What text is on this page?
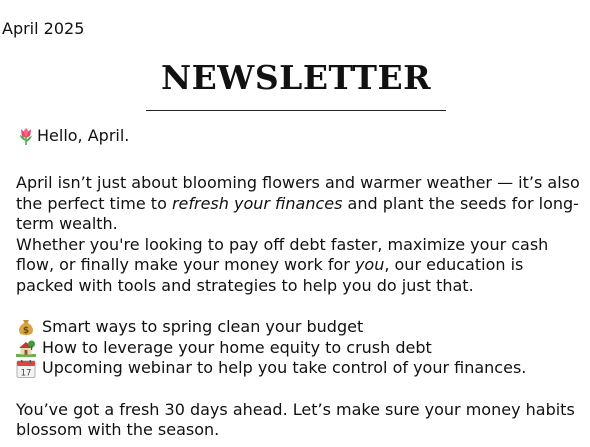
April 2025

NEWSLETTER

Hello, April.

April isn’t just about blooming flowers and warmer weather — it’s also the perfect time to refresh your finances and plant the seeds for long-term wealth.

Whether you're looking to pay off debt faster, maximize your cash flow, or finally make your money work for you, our education is packed with tools and strategies to help you do just that.

$ Smart ways to spring clean your budget
How to leverage your home equity to crush debt
17 Upcoming webinar to help you take control of your finances.

You’ve got a fresh 30 days ahead. Let’s make sure your money habits blossom with the season.
